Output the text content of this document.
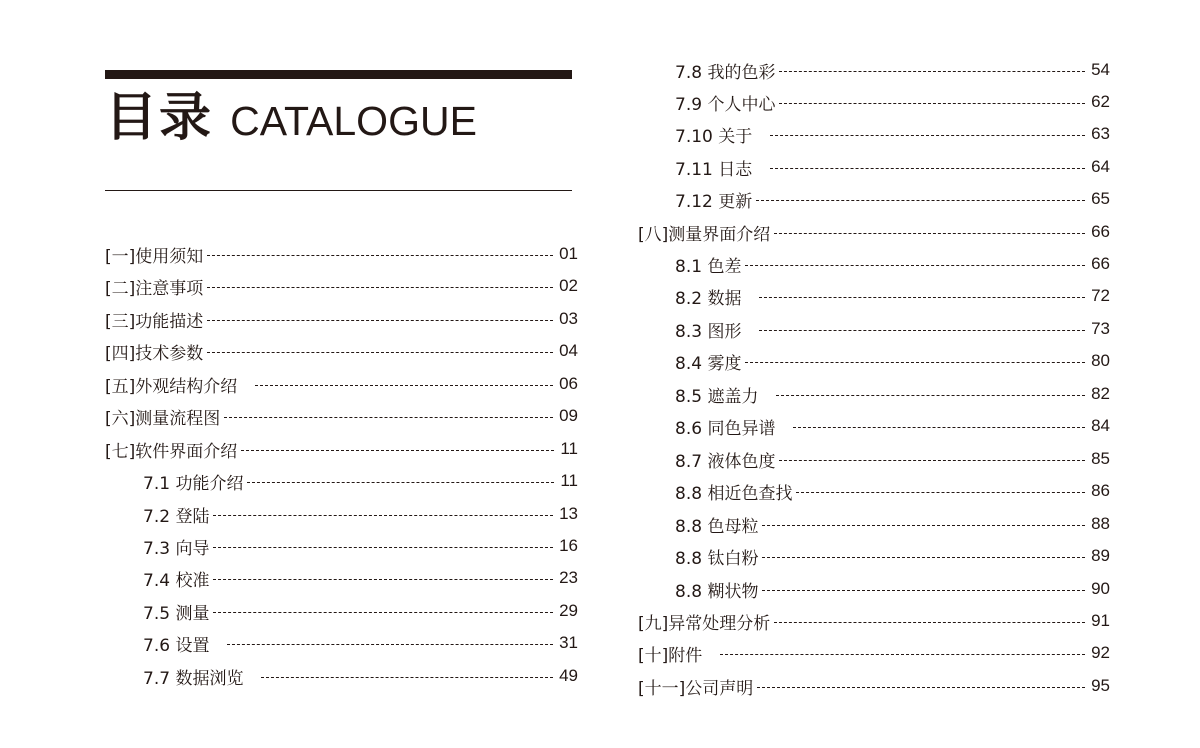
目录 CATALOGUE
[一]使用须知	01
[二]注意事项	02
[三]功能描述	03
[四]技术参数	04
[五]外观结构介绍	06
[六]测量流程图	09
[七]软件界面介绍	11
7.1 功能介绍	11
7.2 登陆	13
7.3 向导	16
7.4 校准	23
7.5 测量	29
7.6 设置	31
7.7 数据浏览	49
7.8 我的色彩	54
7.9 个人中心	62
7.10 关于	63
7.11 日志	64
7.12 更新	65
[八]测量界面介绍	66
8.1 色差	66
8.2 数据	72
8.3 图形	73
8.4 雾度	80
8.5 遮盖力	82
8.6 同色异谱	84
8.7 液体色度	85
8.8 相近色查找	86
8.8 色母粒	88
8.8 钛白粉	89
8.8 糊状物	90
[九]异常处理分析	91
[十]附件	92
[十一]公司声明	95
